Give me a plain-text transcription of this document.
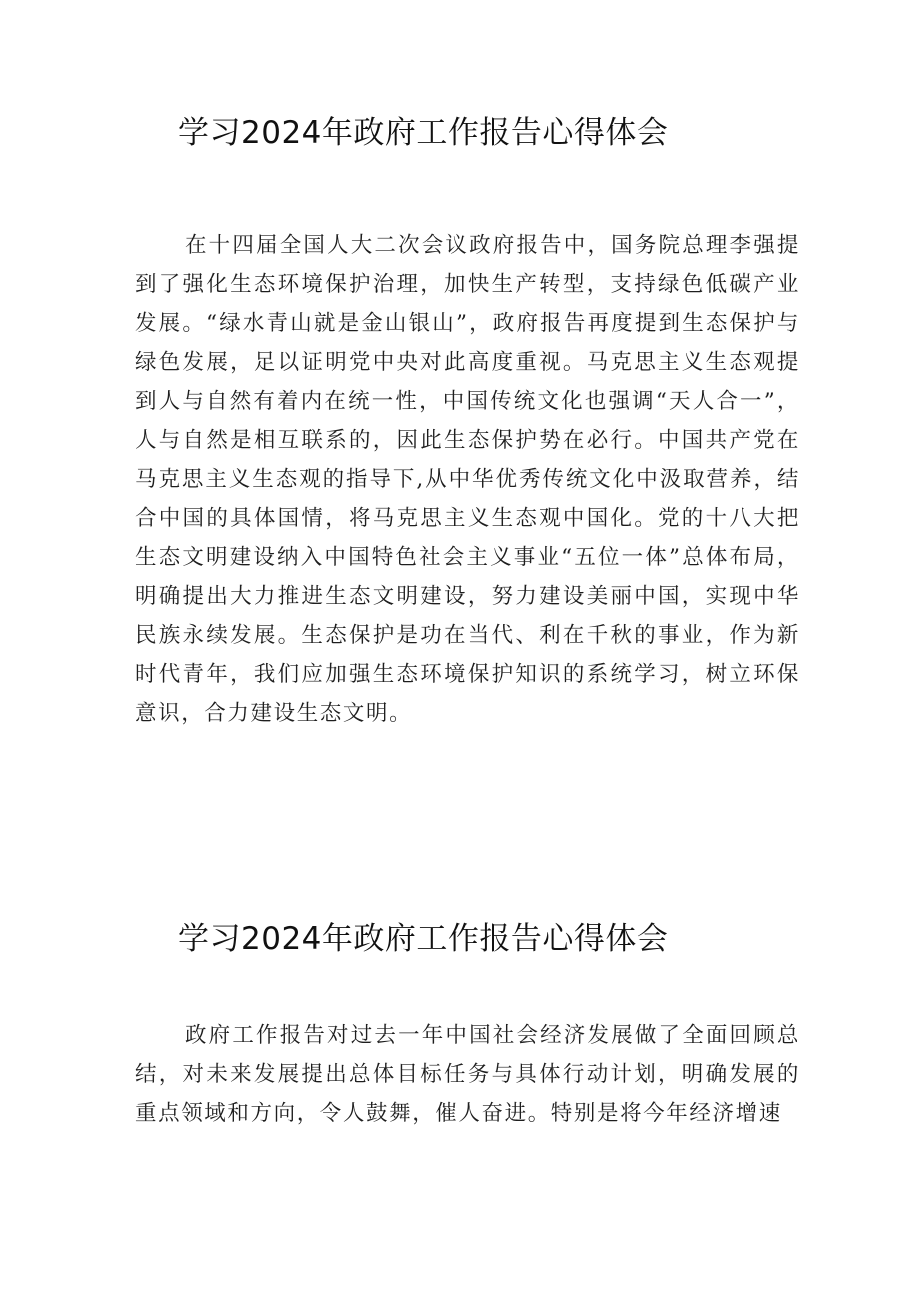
学习2024年政府工作报告心得体会

在十四届全国人大二次会议政府报告中，国务院总理李强提到了强化生态环境保护治理，加快生产转型，支持绿色低碳产业发展。“绿水青山就是金山银山”，政府报告再度提到生态保护与绿色发展，足以证明党中央对此高度重视。马克思主义生态观提到人与自然有着内在统一性，中国传统文化也强调“天人合一”，人与自然是相互联系的，因此生态保护势在必行。中国共产党在马克思主义生态观的指导下,从中华优秀传统文化中汲取营养，结合中国的具体国情，将马克思主义生态观中国化。党的十八大把生态文明建设纳入中国特色社会主义事业“五位一体”总体布局，明确提出大力推进生态文明建设，努力建设美丽中国，实现中华民族永续发展。生态保护是功在当代、利在千秋的事业，作为新时代青年，我们应加强生态环境保护知识的系统学习，树立环保意识，合力建设生态文明。

学习2024年政府工作报告心得体会

政府工作报告对过去一年中国社会经济发展做了全面回顾总结，对未来发展提出总体目标任务与具体行动计划，明确发展的重点领域和方向，令人鼓舞，催人奋进。特别是将今年经济增速
